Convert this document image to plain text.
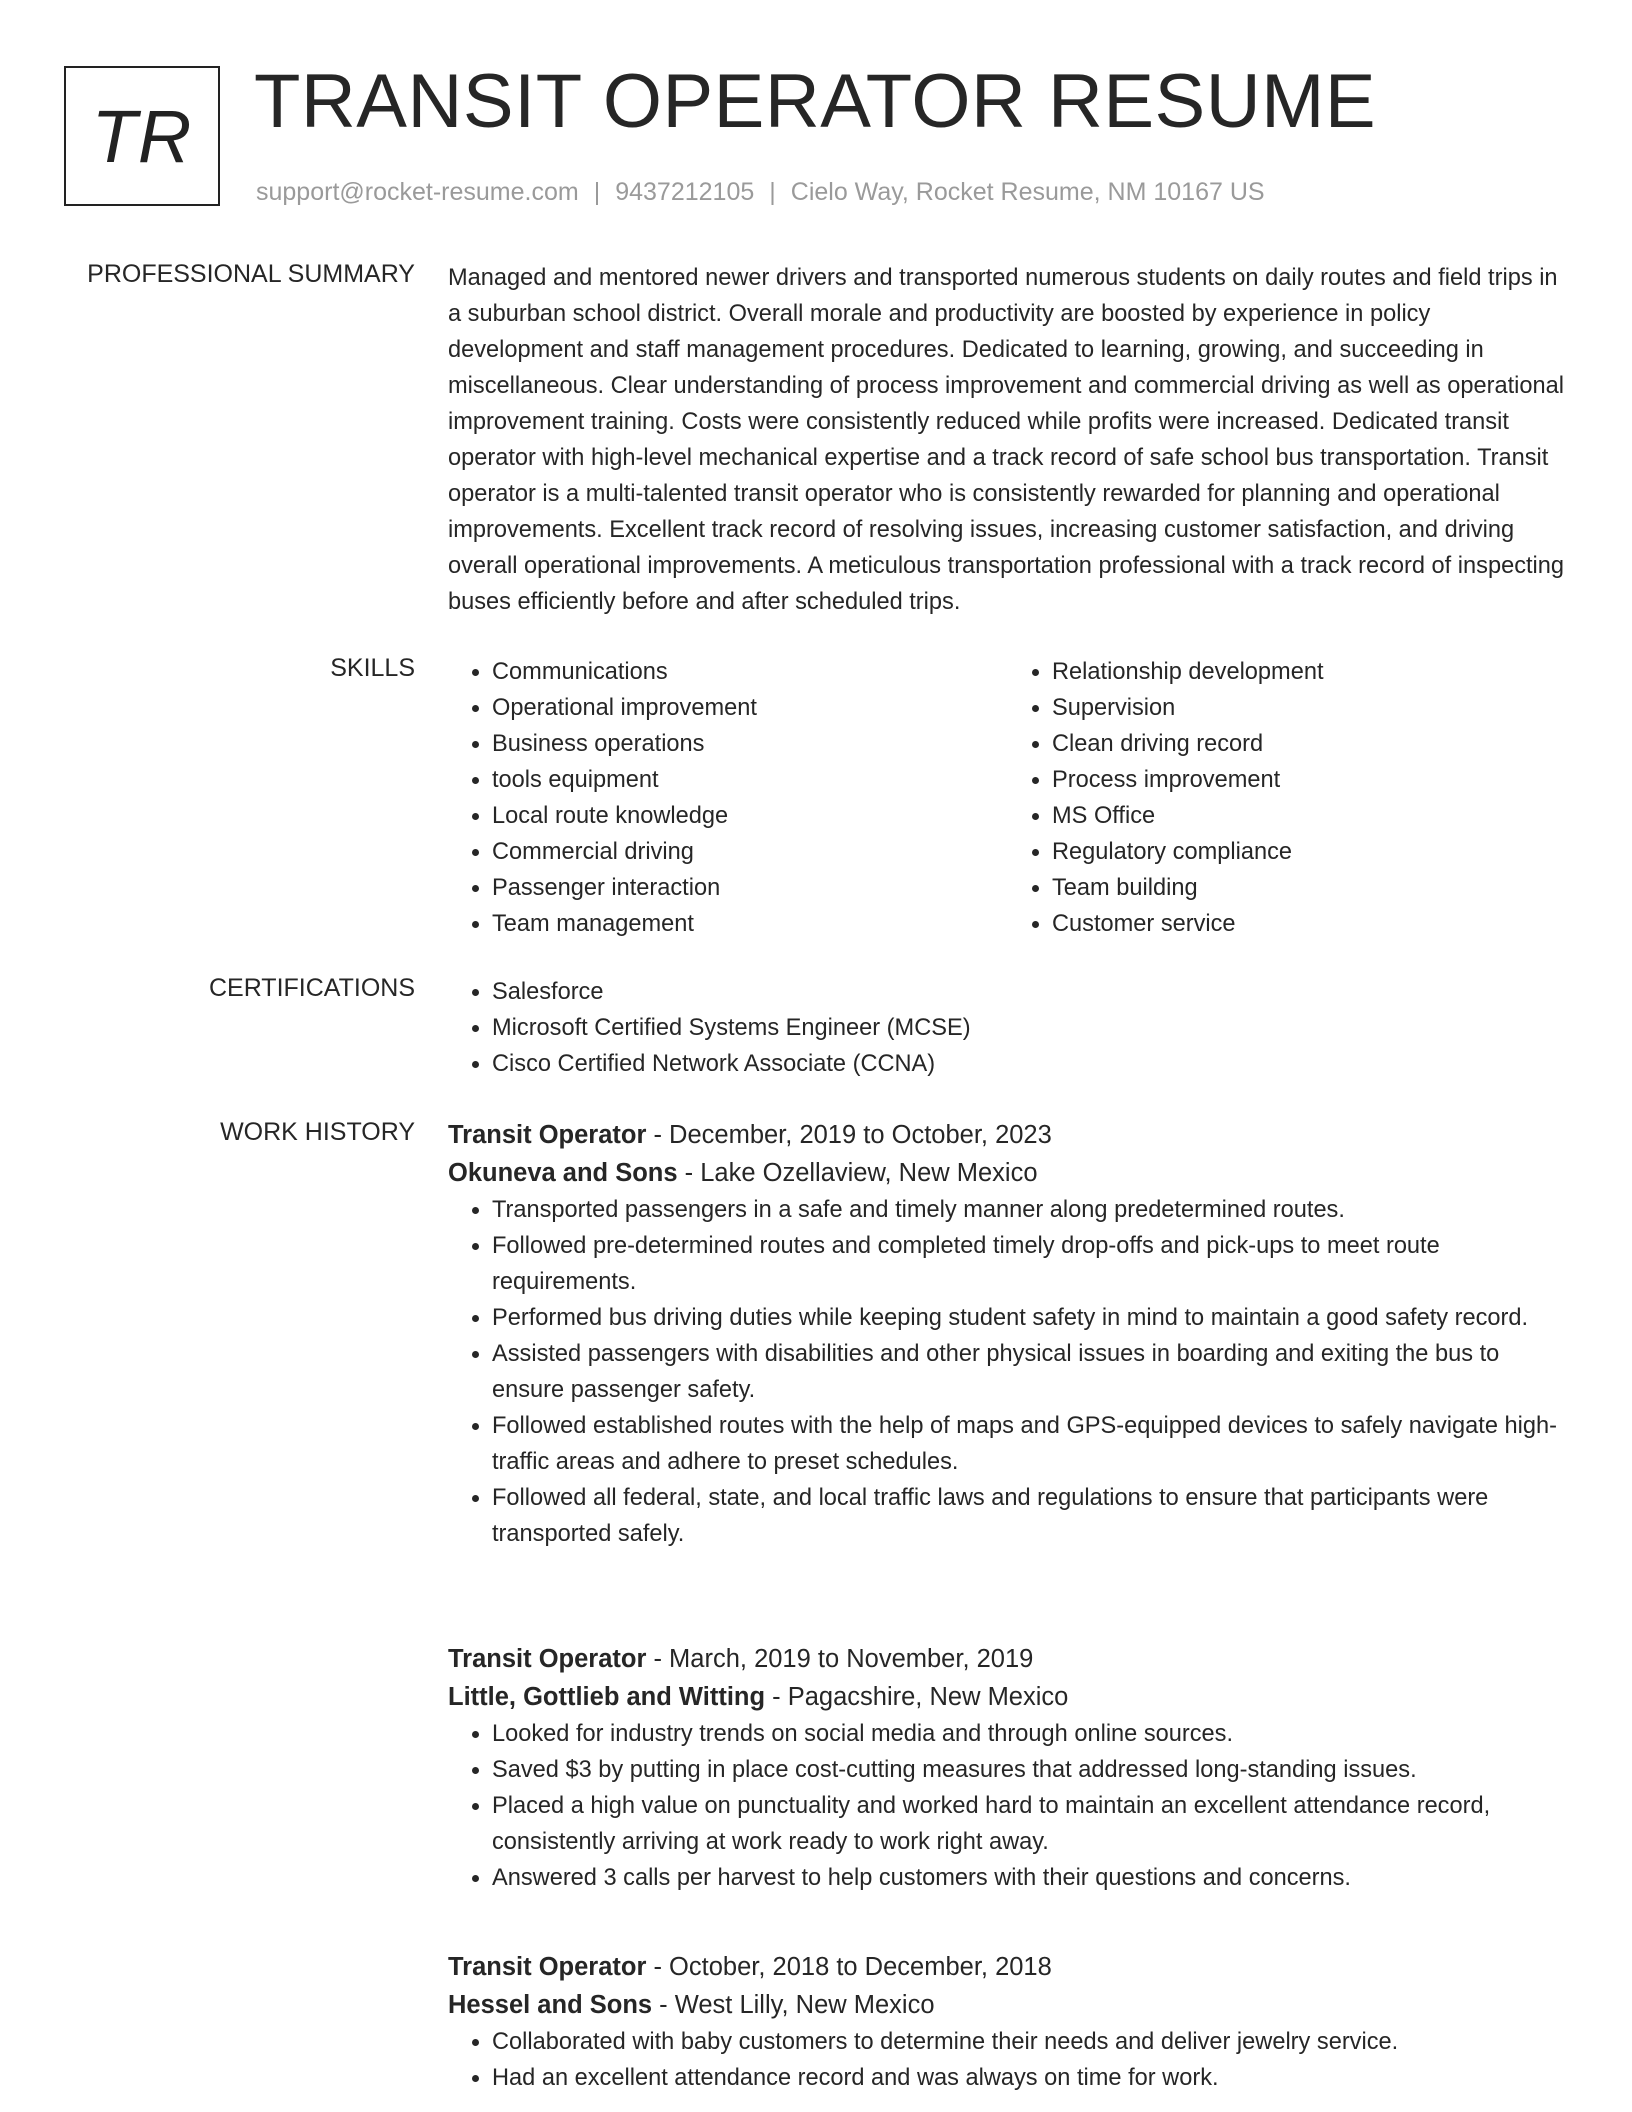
TR TRANSIT OPERATOR RESUME
support@rocket-resume.com | 9437212105 | Cielo Way, Rocket Resume, NM 10167 US
PROFESSIONAL SUMMARY Managed and mentored newer drivers and transported numerous students on daily routes and field trips in a suburban school district. Overall morale and productivity are boosted by experience in policy development and staff management procedures. Dedicated to learning, growing, and succeeding in miscellaneous. Clear understanding of process improvement and commercial driving as well as operational improvement training. Costs were consistently reduced while profits were increased. Dedicated transit operator with high-level mechanical expertise and a track record of safe school bus transportation. Transit operator is a multi-talented transit operator who is consistently rewarded for planning and operational improvements. Excellent track record of resolving issues, increasing customer satisfaction, and driving overall operational improvements. A meticulous transportation professional with a track record of inspecting buses efficiently before and after scheduled trips.

SKILLS	• Communications
• Operational improvement
• Business operations
• tools equipment
• Local route knowledge
• Commercial driving
• Passenger interaction
• Team management
• Relationship development
• Supervision
• Clean driving record
• Process improvement
• MS Office
• Regulatory compliance
• Team building
• Customer service
CERTIFICATIONS	• Salesforce
• Microsoft Certified Systems Engineer (MCSE)
• Cisco Certified Network Associate (CCNA)
WORK HISTORY Transit Operator - December, 2019 to October, 2023
Okuneva and Sons - Lake Ozellaview, New Mexico
• Transported passengers in a safe and timely manner along predetermined routes.
• Followed pre-determined routes and completed timely drop-offs and pick-ups to meet route requirements.
• Performed bus driving duties while keeping student safety in mind to maintain a good safety record.
• Assisted passengers with disabilities and other physical issues in boarding and exiting the bus to ensure passenger safety.
• Followed established routes with the help of maps and GPS-equipped devices to safely navigate high-traffic areas and adhere to preset schedules.
• Followed all federal, state, and local traffic laws and regulations to ensure that participants were transported safely.
Transit Operator - March, 2019 to November, 2019
Little, Gottlieb and Witting - Pagacshire, New Mexico
• Looked for industry trends on social media and through online sources.
• Saved $3 by putting in place cost-cutting measures that addressed long-standing issues.
• Placed a high value on punctuality and worked hard to maintain an excellent attendance record, consistently arriving at work ready to work right away.
• Answered 3 calls per harvest to help customers with their questions and concerns.
Transit Operator - October, 2018 to December, 2018
Hessel and Sons - West Lilly, New Mexico
• Collaborated with baby customers to determine their needs and deliver jewelry service.
• Had an excellent attendance record and was always on time for work.
